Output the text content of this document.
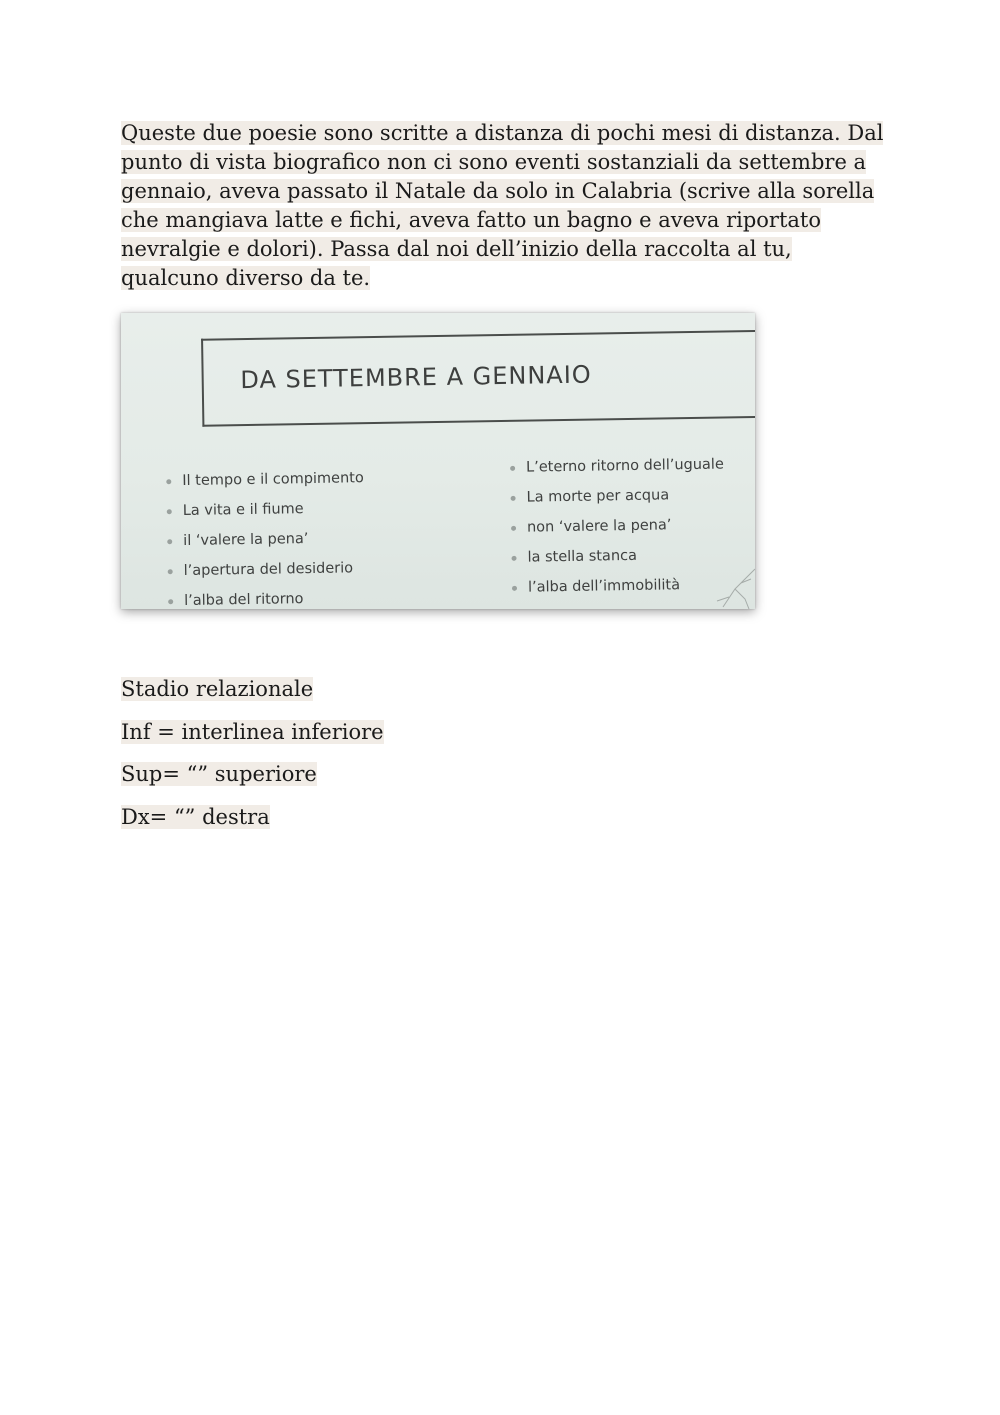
Queste due poesie sono scritte a distanza di pochi mesi di distanza. Dal punto di vista biografico non ci sono eventi sostanziali da settembre a gennaio, aveva passato il Natale da solo in Calabria (scrive alla sorella che mangiava latte e fichi, aveva fatto un bagno e aveva riportato nevralgie e dolori). Passa dal noi dell’inizio della raccolta al tu, qualcuno diverso da te.

DA SETTEMBRE A GENNAIO
Il tempo e il compimento
La vita e il fiume
il ‘valere la pena’
l’apertura del desiderio
l’alba del ritorno
L’eterno ritorno dell’uguale
La morte per acqua
non ‘valere la pena’
la stella stanca
l’alba dell’immobilità

Stadio relazionale

Inf = interlinea inferiore

Sup= “” superiore

Dx= “” destra
